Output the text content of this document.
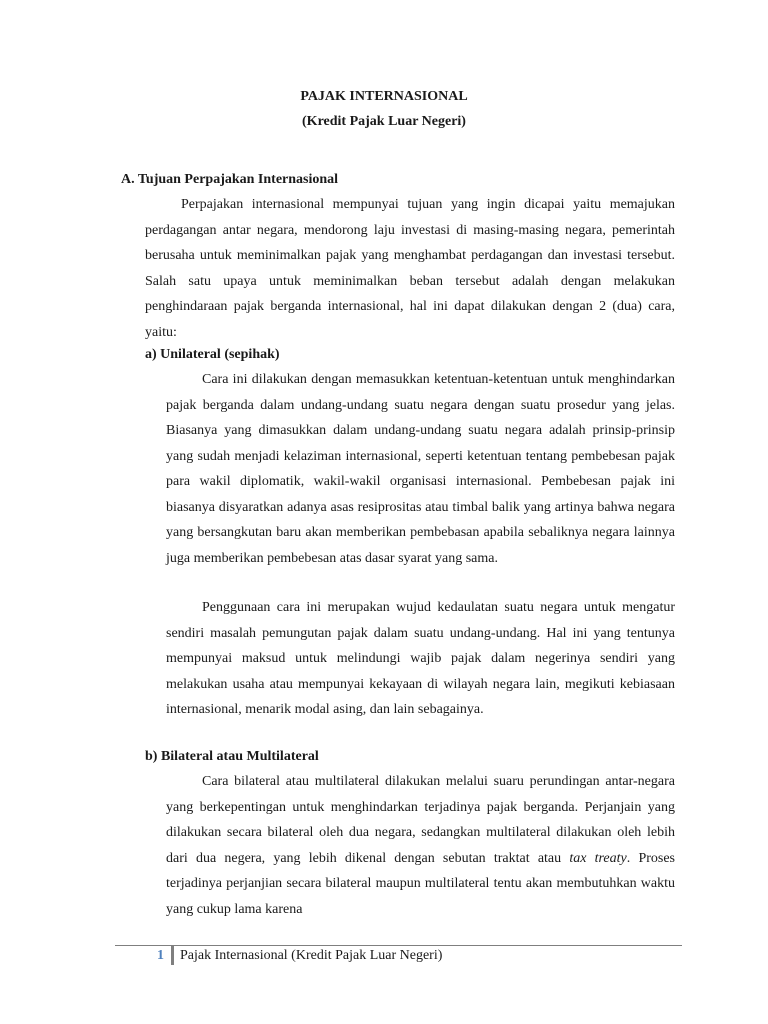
PAJAK INTERNASIONAL
(Kredit Pajak Luar Negeri)
A. Tujuan Perpajakan Internasional

Perpajakan internasional mempunyai tujuan yang ingin dicapai yaitu memajukan perdagangan antar negara, mendorong laju investasi di masing-masing negara, pemerintah berusaha untuk meminimalkan pajak yang menghambat perdagangan dan investasi tersebut. Salah satu upaya untuk meminimalkan beban tersebut adalah dengan melakukan penghindaraan pajak berganda internasional, hal ini dapat dilakukan dengan 2 (dua) cara, yaitu:

a) Unilateral (sepihak)

Cara ini dilakukan dengan memasukkan ketentuan-ketentuan untuk menghindarkan pajak berganda dalam undang-undang suatu negara dengan suatu prosedur yang jelas. Biasanya yang dimasukkan dalam undang-undang suatu negara adalah prinsip-prinsip yang sudah menjadi kelaziman internasional, seperti ketentuan tentang pembebesan pajak para wakil diplomatik, wakil-wakil organisasi internasional. Pembebesan pajak ini biasanya disyaratkan adanya asas resiprositas atau timbal balik yang artinya bahwa negara yang bersangkutan baru akan memberikan pembebasan apabila sebaliknya negara lainnya juga memberikan pembebesan atas dasar syarat yang sama.

Penggunaan cara ini merupakan wujud kedaulatan suatu negara untuk mengatur sendiri masalah pemungutan pajak dalam suatu undang-undang. Hal ini yang tentunya mempunyai maksud untuk melindungi wajib pajak dalam negerinya sendiri yang melakukan usaha atau mempunyai kekayaan di wilayah negara lain, megikuti kebiasaan internasional, menarik modal asing, dan lain sebagainya.

b) Bilateral atau Multilateral

Cara bilateral atau multilateral dilakukan melalui suaru perundingan antar-negara yang berkepentingan untuk menghindarkan terjadinya pajak berganda. Perjanjain yang dilakukan secara bilateral oleh dua negara, sedangkan multilateral dilakukan oleh lebih dari dua negera, yang lebih dikenal dengan sebutan traktat atau tax treaty. Proses terjadinya perjanjian secara bilateral maupun multilateral tentu akan membutuhkan waktu yang cukup lama karena

1 Pajak Internasional (Kredit Pajak Luar Negeri)
